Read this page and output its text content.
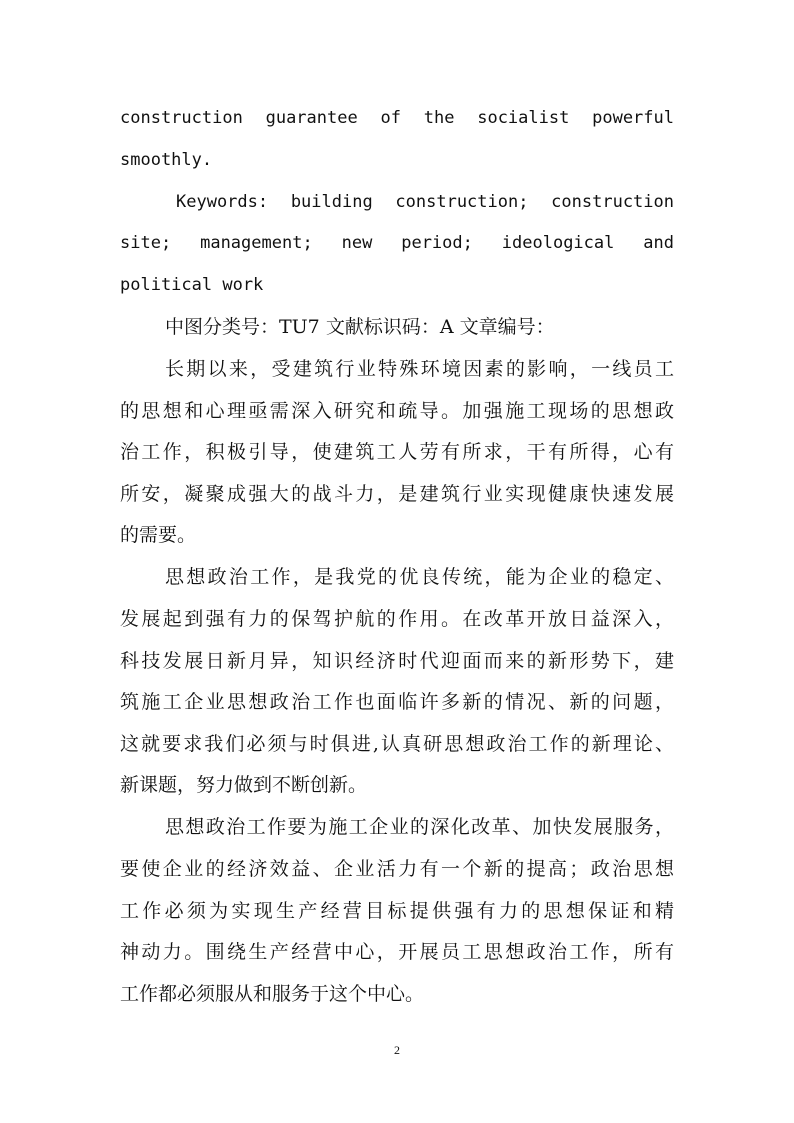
construction guarantee of the socialist powerful
smoothly.
Keywords: building construction; construction
site; management; new period; ideological and
political work
中图分类号：TU7 文献标识码：A 文章编号：
长期以来，受建筑行业特殊环境因素的影响，一线员工
的思想和心理亟需深入研究和疏导。加强施工现场的思想政
治工作，积极引导，使建筑工人劳有所求，干有所得，心有
所安，凝聚成强大的战斗力，是建筑行业实现健康快速发展
的需要。
思想政治工作，是我党的优良传统，能为企业的稳定、
发展起到强有力的保驾护航的作用。在改革开放日益深入，
科技发展日新月异，知识经济时代迎面而来的新形势下，建
筑施工企业思想政治工作也面临许多新的情况、新的问题，
这就要求我们必须与时俱进,认真研思想政治工作的新理论、
新课题，努力做到不断创新。
思想政治工作要为施工企业的深化改革、加快发展服务，
要使企业的经济效益、企业活力有一个新的提高；政治思想
工作必须为实现生产经营目标提供强有力的思想保证和精
神动力。围绕生产经营中心，开展员工思想政治工作，所有
工作都必须服从和服务于这个中心。
2
